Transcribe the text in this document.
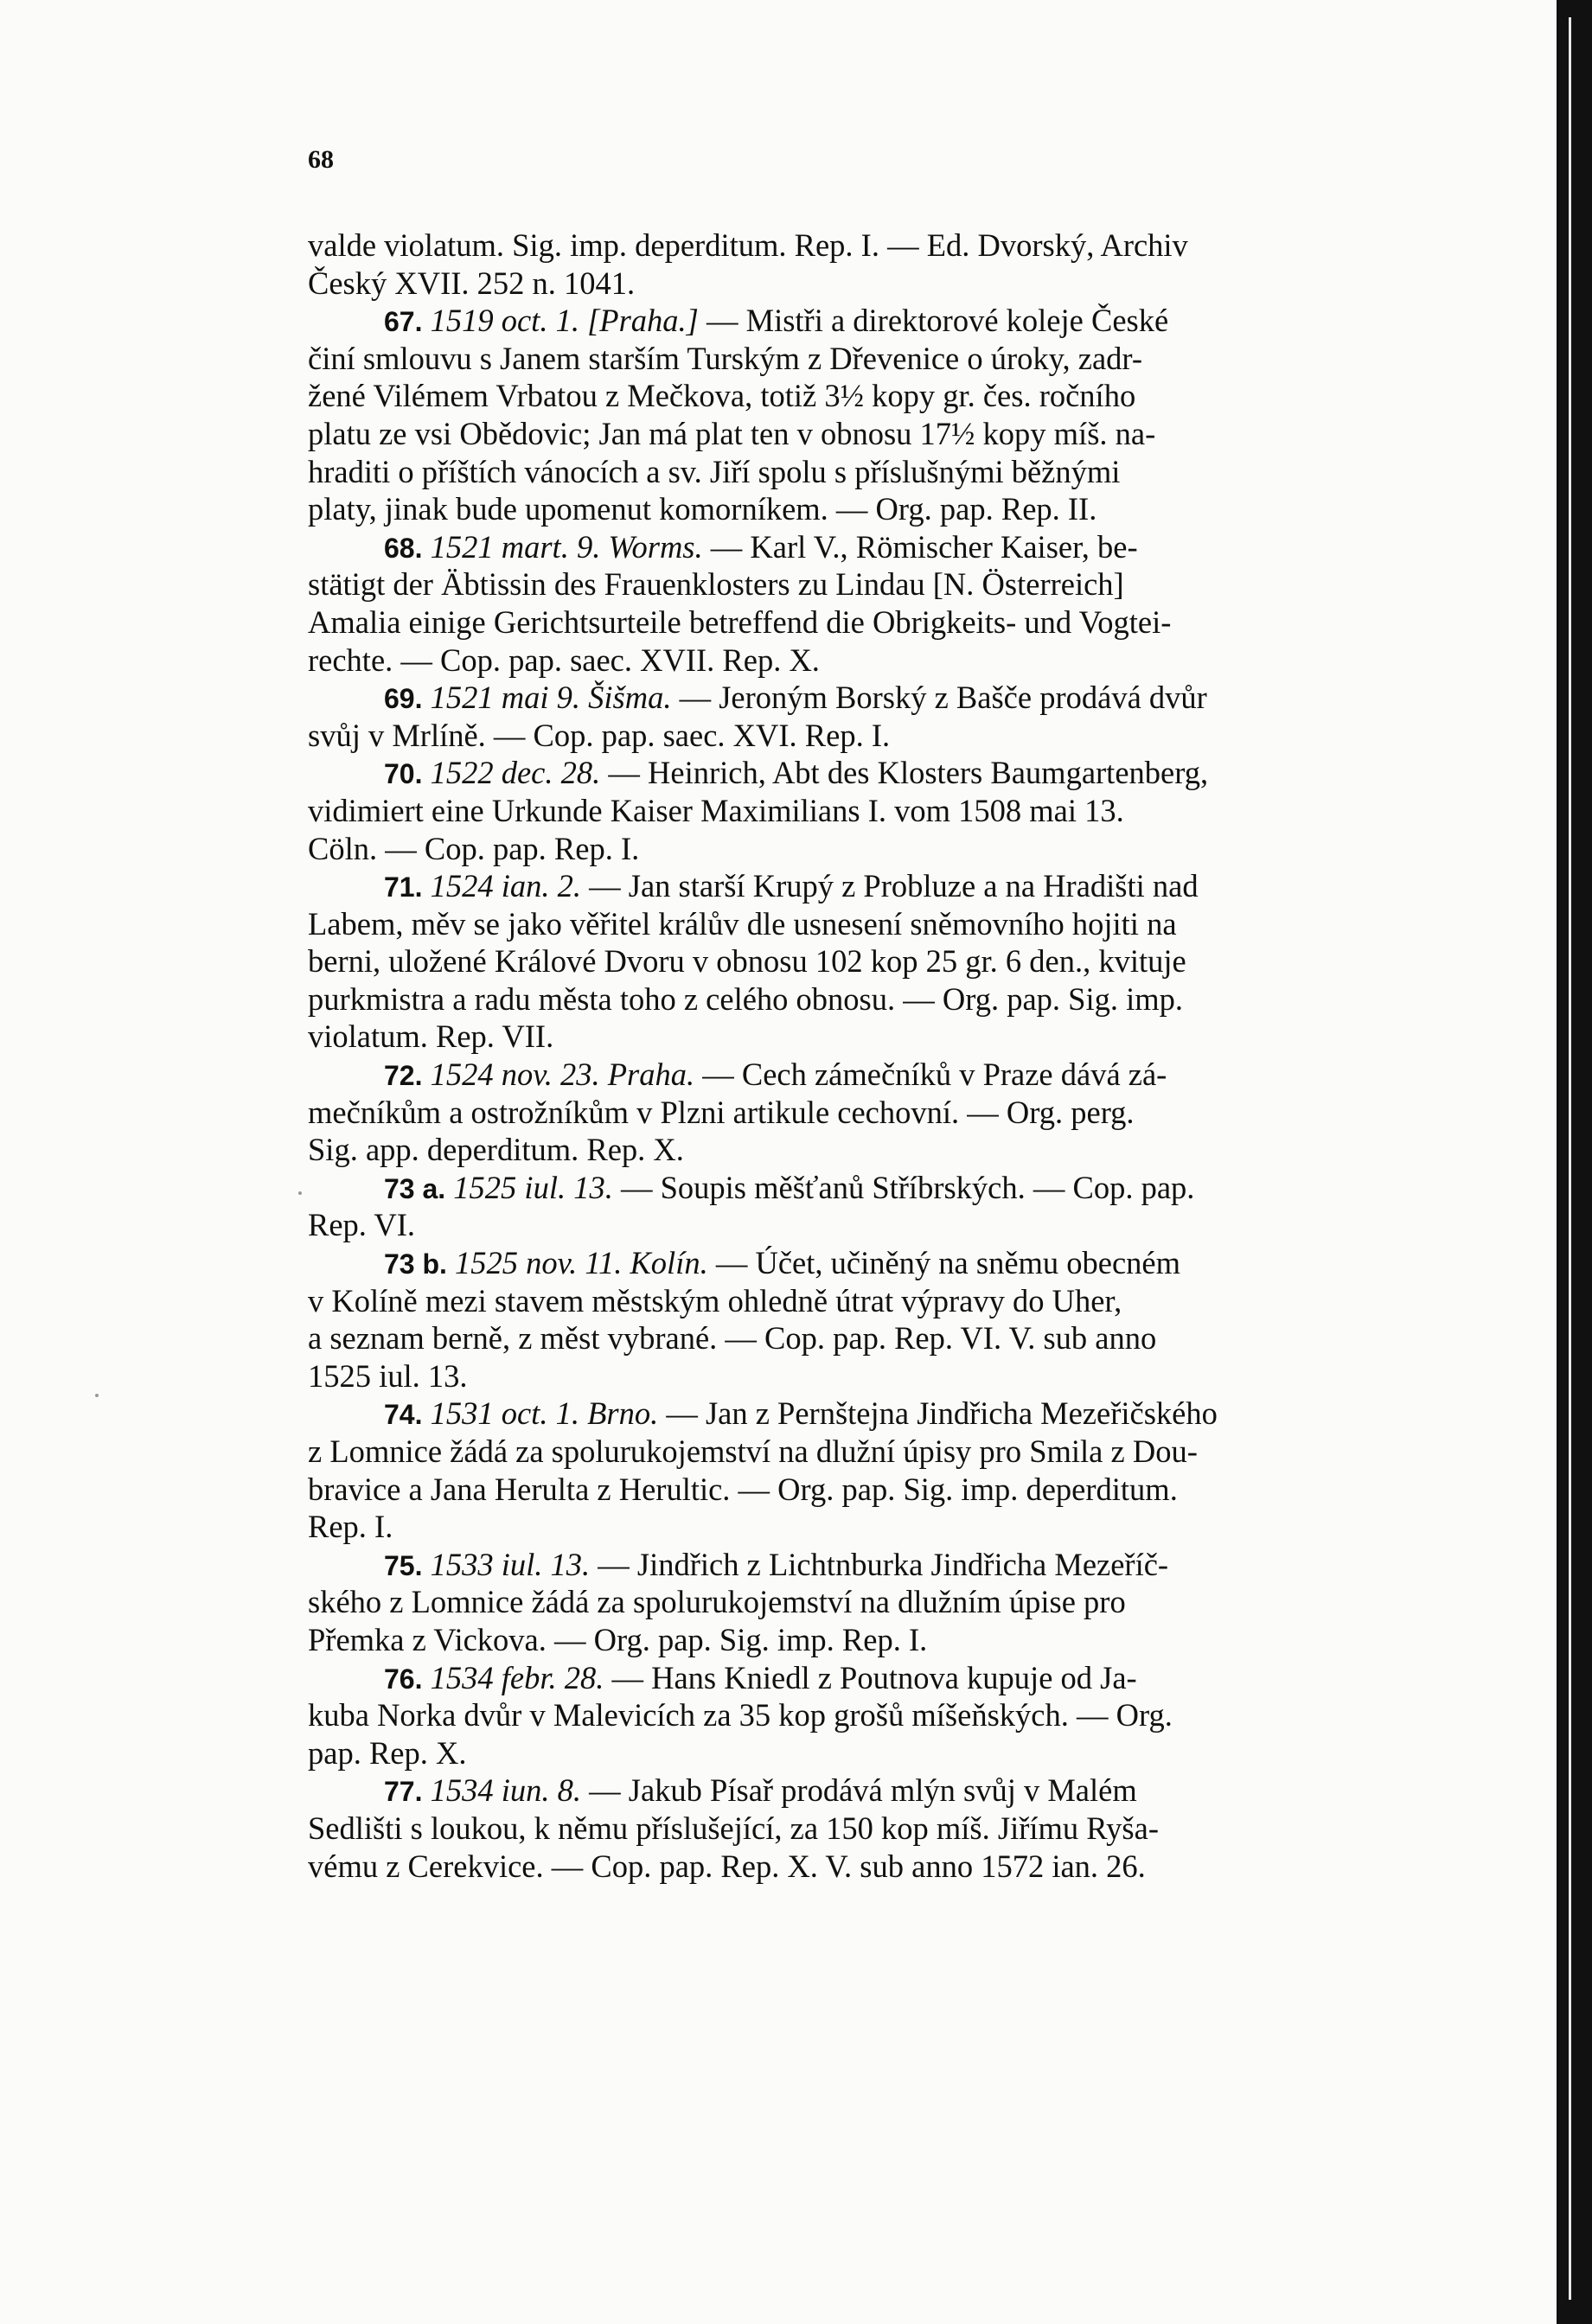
68
valde violatum. Sig. imp. deperditum. Rep. I. — Ed. Dvorský, Archiv
Český XVII. 252 n. 1041.
67. 1519 oct. 1. [Praha.] — Mistři a direktorové koleje České
činí smlouvu s Janem starším Turským z Dřevenice o úroky, zadr-
žené Vilémem Vrbatou z Mečkova, totiž 3½ kopy gr. čes. ročního
platu ze vsi Obědovic; Jan má plat ten v obnosu 17½ kopy míš. na-
hraditi o příštích vánocích a sv. Jiří spolu s příslušnými běžnými
platy, jinak bude upomenut komorníkem. — Org. pap. Rep. II.
68. 1521 mart. 9. Worms. — Karl V., Römischer Kaiser, be-
stätigt der Äbtissin des Frauenklosters zu Lindau [N. Österreich]
Amalia einige Gerichtsurteile betreffend die Obrigkeits- und Vogtei-
rechte. — Cop. pap. saec. XVII. Rep. X.
69. 1521 mai 9. Šišma. — Jeroným Borský z Bašče prodává dvůr
svůj v Mrlíně. — Cop. pap. saec. XVI. Rep. I.
70. 1522 dec. 28. — Heinrich, Abt des Klosters Baumgartenberg,
vidimiert eine Urkunde Kaiser Maximilians I. vom 1508 mai 13.
Cöln. — Cop. pap. Rep. I.
71. 1524 ian. 2. — Jan starší Krupý z Probluze a na Hradišti nad
Labem, měv se jako věřitel králův dle usnesení sněmovního hojiti na
berni, uložené Králové Dvoru v obnosu 102 kop 25 gr. 6 den., kvituje
purkmistra a radu města toho z celého obnosu. — Org. pap. Sig. imp.
violatum. Rep. VII.
72. 1524 nov. 23. Praha. — Cech zámečníků v Praze dává zá-
mečníkům a ostrožníkům v Plzni artikule cechovní. — Org. perg.
Sig. app. deperditum. Rep. X.
73 a. 1525 iul. 13. — Soupis měšťanů Stříbrských. — Cop. pap.
Rep. VI.
73 b. 1525 nov. 11. Kolín. — Účet, učiněný na sněmu obecném
v Kolíně mezi stavem městským ohledně útrat výpravy do Uher,
a seznam berně, z měst vybrané. — Cop. pap. Rep. VI. V. sub anno
1525 iul. 13.
74. 1531 oct. 1. Brno. — Jan z Pernštejna Jindřicha Mezeřičského
z Lomnice žádá za spolurukojemství na dlužní úpisy pro Smila z Dou-
bravice a Jana Herulta z Herultic. — Org. pap. Sig. imp. deperditum.
Rep. I.
75. 1533 iul. 13. — Jindřich z Lichtnburka Jindřicha Mezeříč-
ského z Lomnice žádá za spolurukojemství na dlužním úpise pro
Přemka z Vickova. — Org. pap. Sig. imp. Rep. I.
76. 1534 febr. 28. — Hans Kniedl z Poutnova kupuje od Ja-
kuba Norka dvůr v Malevicích za 35 kop grošů míšeňských. — Org.
pap. Rep. X.
77. 1534 iun. 8. — Jakub Písař prodává mlýn svůj v Malém
Sedlišti s loukou, k němu příslušející, za 150 kop míš. Jiřímu Ryša-
vému z Cerekvice. — Cop. pap. Rep. X. V. sub anno 1572 ian. 26.
